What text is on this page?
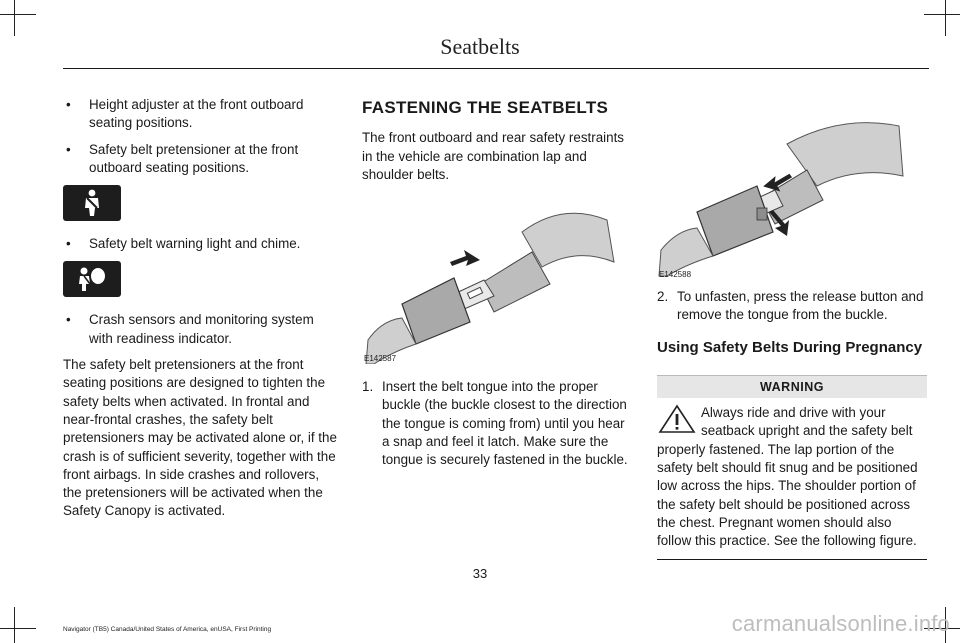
Seatbelts
• Height adjuster at the front outboard seating positions.
• Safety belt pretensioner at the front outboard seating positions.
• Safety belt warning light and chime.
• Crash sensors and monitoring system with readiness indicator.

The safety belt pretensioners at the front seating positions are designed to tighten the safety belts when activated. In frontal and near-frontal crashes, the safety belt pretensioners may be activated alone or, if the crash is of sufficient severity, together with the front airbags. In side crashes and rollovers, the pretensioners will be activated when the Safety Canopy is activated.

FASTENING THE SEATBELTS

The front outboard and rear safety restraints in the vehicle are combination lap and shoulder belts.

E142587
1. Insert the belt tongue into the proper buckle (the buckle closest to the direction the tongue is coming from) until you hear a snap and feel it latch. Make sure the tongue is securely fastened in the buckle.
E142588
2. To unfasten, press the release button and remove the tongue from the buckle.
Using Safety Belts During Pregnancy
WARNING

Always ride and drive with your seatback upright and the safety belt properly fastened. The lap portion of the safety belt should fit snug and be positioned low across the hips. The shoulder portion of the safety belt should be positioned across the chest. Pregnant women should also follow this practice. See the following figure.

33
Navigator (TB5) Canada/United States of America, enUSA, First Printing	carmanualsonline.info
